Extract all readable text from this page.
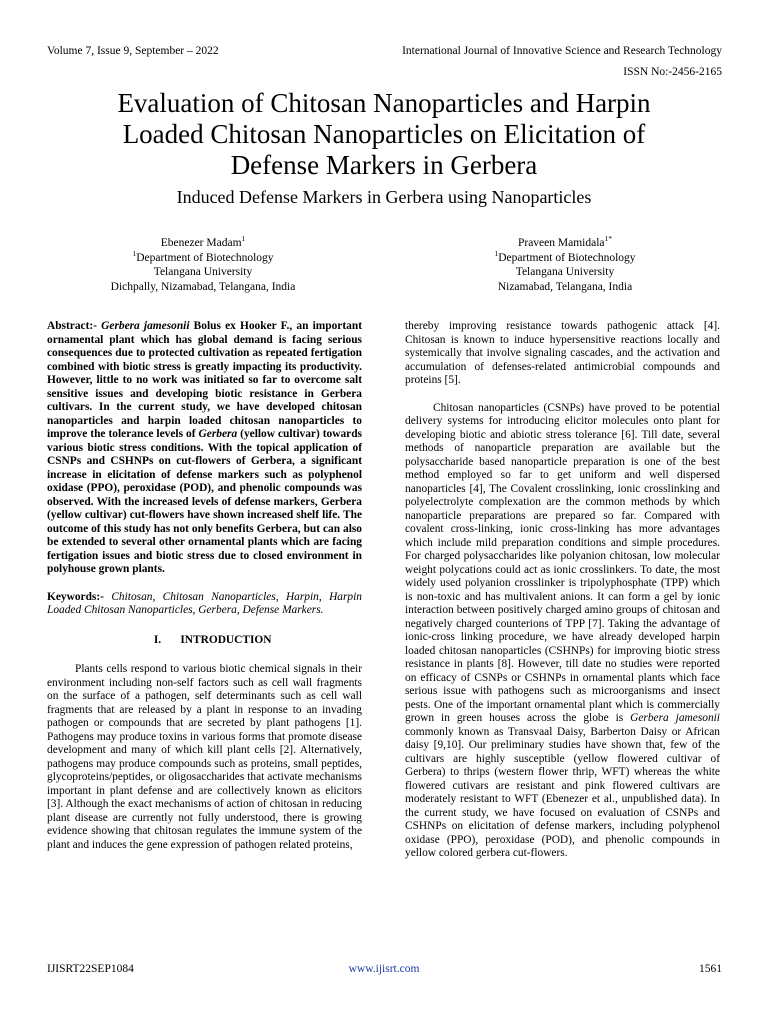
Volume 7, Issue 9, September – 2022	International Journal of Innovative Science and Research Technology
ISSN No:-2456-2165
Evaluation of Chitosan Nanoparticles and Harpin
Loaded Chitosan Nanoparticles on Elicitation of
Defense Markers in Gerbera
Induced Defense Markers in Gerbera using Nanoparticles
Ebenezer Madam$^1$
$^1$Department of Biotechnology
Telangana University
Dichpally, Nizamabad, Telangana, India
Praveen Mamidala$^{1*}$
$^1$Department of Biotechnology
Telangana University
Nizamabad, Telangana, India

Abstract:- Gerbera jamesonii Bolus ex Hooker F., an important ornamental plant which has global demand is facing serious consequences due to protected cultivation as repeated fertigation combined with biotic stress is greatly impacting its productivity. However, little to no work was initiated so far to overcome salt sensitive issues and developing biotic resistance in Gerbera cultivars. In the current study, we have developed chitosan nanoparticles and harpin loaded chitosan nanoparticles to improve the tolerance levels of Gerbera (yellow cultivar) towards various biotic stress conditions. With the topical application of CSNPs and CSHNPs on cut-flowers of Gerbera, a significant increase in elicitation of defense markers such as polyphenol oxidase (PPO), peroxidase (POD), and phenolic compounds was observed. With the increased levels of defense markers, Gerbera (yellow cultivar) cut-flowers have shown increased shelf life. The outcome of this study has not only benefits Gerbera, but can also be extended to several other ornamental plants which are facing fertigation issues and biotic stress due to closed environment in polyhouse grown plants.

Keywords:- Chitosan, Chitosan Nanoparticles, Harpin, Harpin Loaded Chitosan Nanoparticles, Gerbera, Defense Markers.

I. INTRODUCTION

Plants cells respond to various biotic chemical signals in their environment including non-self factors such as cell wall fragments on the surface of a pathogen, self determinants such as cell wall fragments that are released by a plant in response to an invading pathogen or compounds that are secreted by plant pathogens [1]. Pathogens may produce toxins in various forms that promote disease development and many of which kill plant cells [2]. Alternatively, pathogens may produce compounds such as proteins, small peptides, glycoproteins/peptides, or oligosaccharides that activate mechanisms important in plant defense and are collectively known as elicitors [3]. Although the exact mechanisms of action of chitosan in reducing plant disease are currently not fully understood, there is growing evidence showing that chitosan regulates the immune system of the plant and induces the gene expression of pathogen related proteins,

thereby improving resistance towards pathogenic attack [4]. Chitosan is known to induce hypersensitive reactions locally and systemically that involve signaling cascades, and the activation and accumulation of defenses-related antimicrobial compounds and proteins [5].

Chitosan nanoparticles (CSNPs) have proved to be potential delivery systems for introducing elicitor molecules onto plant for developing biotic and abiotic stress tolerance [6]. Till date, several methods of nanoparticle preparation are available but the polysaccharide based nanoparticle preparation is one of the best method employed so far to get uniform and well dispersed nanoparticles [4], The Covalent crosslinking, ionic crosslinking and polyelectrolyte complexation are the common methods by which nanoparticle preparations are prepared so far. Compared with covalent cross-linking, ionic cross-linking has more advantages which include mild preparation conditions and simple procedures. For charged polysaccharides like polyanion chitosan, low molecular weight polycations could act as ionic crosslinkers. To date, the most widely used polyanion crosslinker is tripolyphosphate (TPP) which is non-toxic and has multivalent anions. It can form a gel by ionic interaction between positively charged amino groups of chitosan and negatively charged counterions of TPP [7]. Taking the advantage of ionic-cross linking procedure, we have already developed harpin loaded chitosan nanoparticles (CSHNPs) for improving biotic stress resistance in plants [8]. However, till date no studies were reported on efficacy of CSNPs or CSHNPs in ornamental plants which face serious issue with pathogens such as microorganisms and insect pests. One of the important ornamental plant which is commercially grown in green houses across the globe is Gerbera jamesonii commonly known as Transvaal Daisy, Barberton Daisy or African daisy [9,10]. Our preliminary studies have shown that, few of the cultivars are highly susceptible (yellow flowered cultivar of Gerbera) to thrips (western flower thrip, WFT) whereas the white flowered cutivars are resistant and pink flowered cultivars are moderately resistant to WFT (Ebenezer et al., unpublished data). In the current study, we have focused on evaluation of CSNPs and CSHNPs on elicitation of defense markers, including polyphenol oxidase (PPO), peroxidase (POD), and phenolic compounds in yellow colored gerbera cut-flowers.

IJISRT22SEP1084	www.ijisrt.com	1561
